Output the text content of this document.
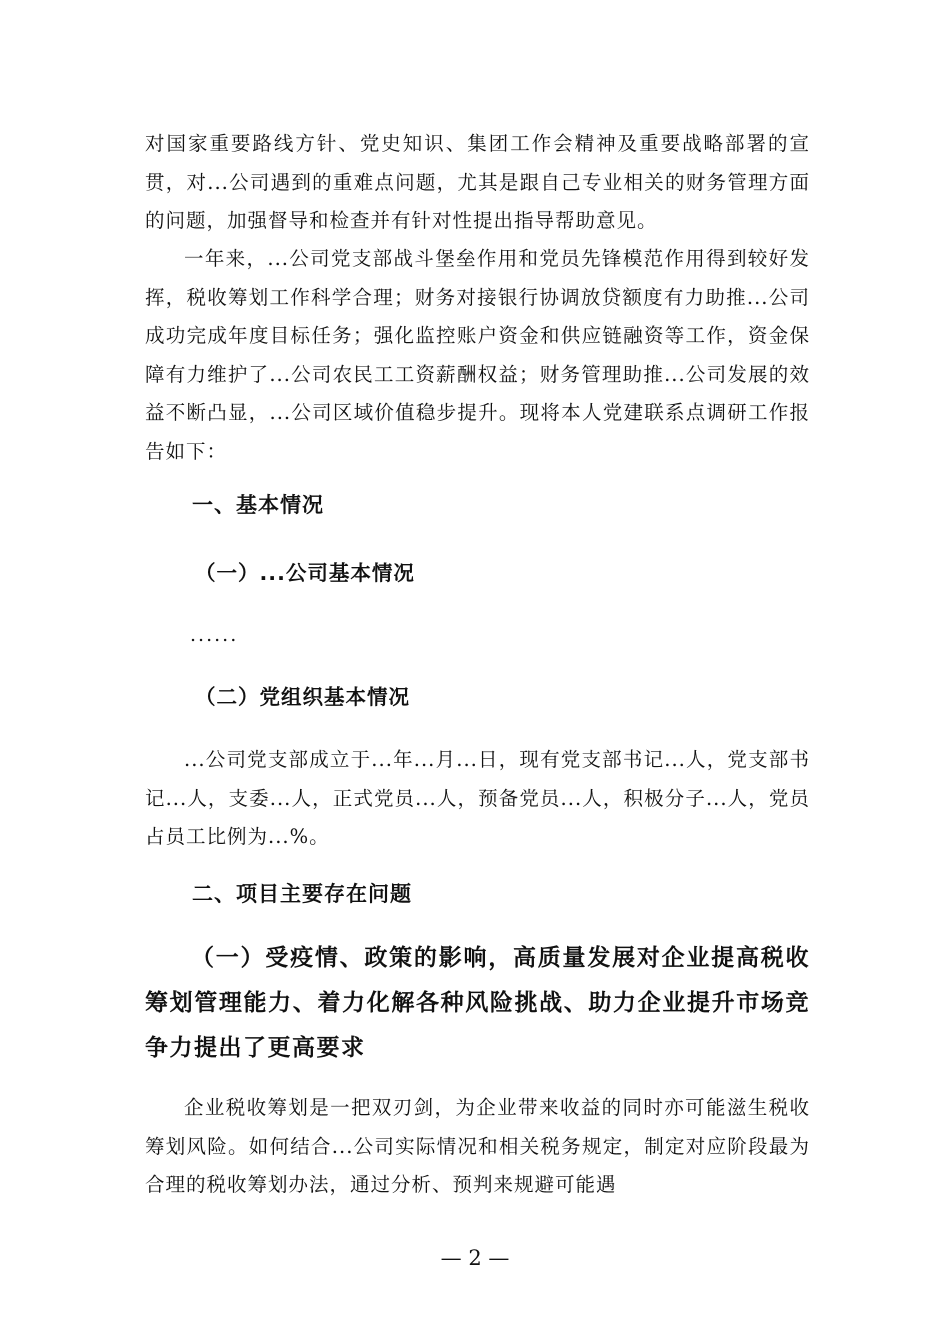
对国家重要路线方针、党史知识、集团工作会精神及重要战略部署的宣贯，对...公司遇到的重难点问题，尤其是跟自己专业相关的财务管理方面的问题，加强督导和检查并有针对性提出指导帮助意见。

一年来，...公司党支部战斗堡垒作用和党员先锋模范作用得到较好发挥，税收筹划工作科学合理；财务对接银行协调放贷额度有力助推...公司成功完成年度目标任务；强化监控账户资金和供应链融资等工作，资金保障有力维护了...公司农民工工资薪酬权益；财务管理助推...公司发展的效益不断凸显，...公司区域价值稳步提升。现将本人党建联系点调研工作报告如下：

一、基本情况
（一）...公司基本情况

......

（二）党组织基本情况

...公司党支部成立于...年...月...日，现有党支部书记...人，党支部书记...人，支委...人，正式党员...人，预备党员...人，积极分子...人，党员占员工比例为...%。

二、项目主要存在问题
（一）受疫情、政策的影响，高质量发展对企业提高税收筹划管理能力、着力化解各种风险挑战、助力企业提升市场竞争力提出了更高要求

企业税收筹划是一把双刃剑，为企业带来收益的同时亦可能滋生税收筹划风险。如何结合...公司实际情况和相关税务规定，制定对应阶段最为合理的税收筹划办法，通过分析、预判来规避可能遇

— 2 —
